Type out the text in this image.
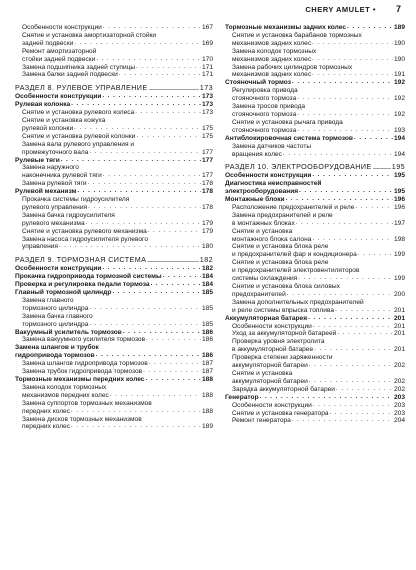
CHERY AMULET • 7
Особенности конструкции . . .	167
Снятие и установка амортизаторной стойки
задней подвески . . .	169
Ремонт амортизаторной
стойки задней подвески . . .	170
Замена подшипника задней ступицы . . .	171
Замена балки задней подвески . . .	171
РАЗДЕЛ 8. РУЛЕВОЕ УПРАВЛЕНИЕ _____	173
Особенности конструкции . . .	173
Рулевая колонка . . .	173
Снятие и установка рулевого колеса . . .	173
Снятие и установка кожуха
рулевой колонки . . .	175
Снятие и установка рулевой колонки . . .	175
Замена вала рулевого управления и
промежуточного вала . . .	177
Рулевые тяги . . .	177
Замена наружного
наконечника рулевой тяги . . .	177
Замена рулевой тяги . . .	178
Рулевой механизм . . .	178
Прокачка системы гидроусилителя
рулевого управления . . .	178
Замена бачка гидроусилителя
рулевого механизма . . .	179
Снятие и установка рулевого механизма . . .	179
Замена насоса гидроусилителя рулевого
управления . . .	180
РАЗДЕЛ 9. ТОРМОЗНАЯ СИСТЕМА _____	182
Особенности конструкции . . .	182
Прокачка гидропривода тормозной системы . . .	184
Проверка и регулировка педали тормоза . . .	184
Главный тормозной цилиндр . . .	185
Замена главного
тормозного цилиндра . . .	185
Замена бачка главного
тормозного цилиндра . . .	185
Вакуумный усилитель тормозов . . .	186
Замена вакуумного усилителя тормозов . . .	186
Замена шлангов и трубок
гидропривода тормозов . . .	186
Замена шлангов гидропривода тормозов . . .	187
Замена трубок гидропривода тормозов . . .	187
Тормозные механизмы передних колес . . .	188
Замена колодок тормозных
механизмов передних колес . . .	188
Замена суппортов тормозных механизмов
передних колес . . .	188
Замена дисков тормозных механизмов
передних колес . . .	189
Тормозные механизмы задних колес . . .	189
Снятие и установка барабанов тормозных
механизмов задних колес . . .	190
Замена колодок тормозных
механизмов задних колес . . .	190
Замена рабочих цилиндров тормозных
механизмов задних колес . . .	191
Стояночный тормоз . . .	192
Регулировка привода
стояночного тормоза . . .	192
Замена тросов привода
стояночного тормоза . . .	192
Снятие и установка рычага привода
стояночного тормоза . . .	193
Антиблокировочная система тормозов . . .	194
Замена датчиков частоты
вращения колес . . .	194
РАЗДЕЛ 10. ЭЛЕКТРООБОРУДОВАНИЕ _____	195
Особенности конструкции . . .	195
Диагностика неисправностей
электрооборудования . . .	195
Монтажные блоки . . .	196
Расположение предохранителей и реле . . .	196
Замена предохранителей и реле
в монтажных блоках . . .	197
Снятие и установка
монтажного блока салона . . .	198
Снятие и установка блока реле
и предохранителей фар и кондиционера . . .	199
Снятие и установка блока реле
и предохранителей электровентиляторов
системы охлаждения . . .	199
Снятие и установка блока силовых
предохранителей . . .	200
Замена дополнительных предохранителей
и реле системы впрыска топлива . . .	201
Аккумуляторная батарея . . .	201
Особенности конструкции . . .	201
Уход за аккумуляторной батареей . . .	201
Проверка уровня электролита
в аккумуляторной батарее . . .	201
Проверка степени заряженности
аккумуляторной батареи . . .	202
Снятие и установка
аккумуляторной батареи . . .	202
Зарядка аккумуляторной батареи . . .	202
Генератор . . .	203
Особенности конструкции . . .	203
Снятие и установка генератора . . .	203
Ремонт генератора . . .	204
